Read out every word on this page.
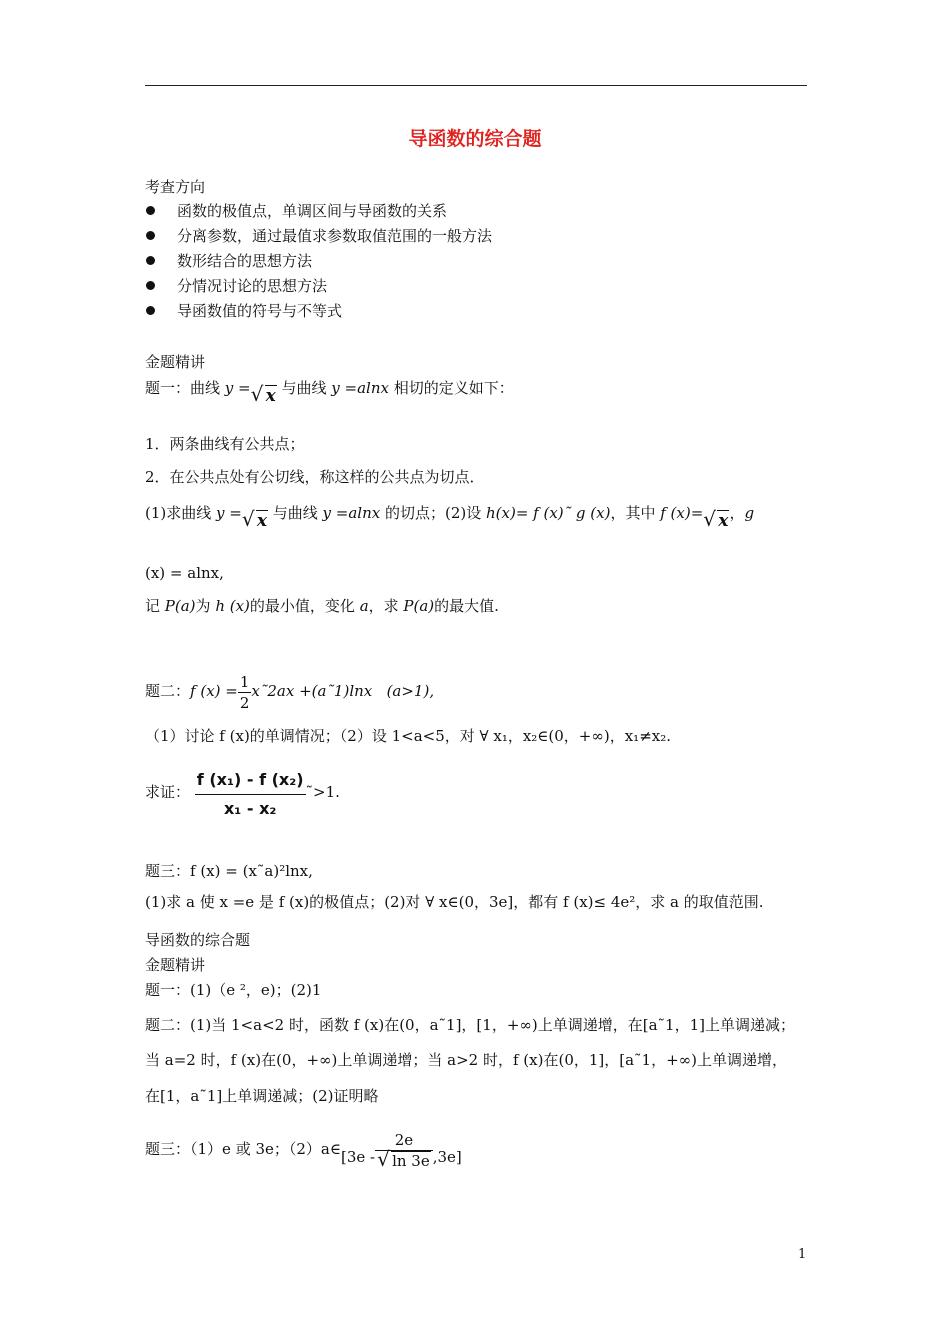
导函数的综合题
考查方向
函数的极值点，单调区间与导函数的关系
分离参数，通过最值求参数取值范围的一般方法
数形结合的思想方法
分情况讨论的思想方法
导函数值的符号与不等式
金题精讲
题一：曲线 y = √ x 与曲线 y =alnx 相切的定义如下：
1．两条曲线有公共点；
2．在公共点处有公切线，称这样的公共点为切点．
(1)求曲线 y = √ x 与曲线 y =alnx 的切点；(2)设 h(x)= f (x)˜ g (x)，其中 f (x)= √ x，g
(x) = alnx,
记 P(a)为 h (x)的最小值，变化 a，求 P(a)的最大值.
题二：f $(x) = \frac{1}{2}$ x˜2ax +(a˜1)lnx (a>1),
（1）讨论 f (x)的单调情况；（2）设 1<a<5，对 ∀ x₁，x₂∈(0，+∞)，x₁≠x₂.
求证： $\frac{\text{f (x₁) - f (x₂)}}{\text{x₁ - x₂}}$ ˜>1.
题三：f (x) = (x˜a)²lnx,
(1)求 a 使 x =e 是 f (x)的极值点；(2)对 ∀ x∈(0，3e]，都有 f (x)≤ 4e²，求 a 的取值范围.
导函数的综合题
金题精讲
题一：(1)（e ²，e)；(2)1
题二：(1)当 1<a<2 时，函数 f (x)在(0，a˜1]，[1，+∞)上单调递增，在[a˜1，1]上单调递减；
当 a=2 时，f (x)在(0，+∞)上单调递增；当 a>2 时，f (x)在(0，1]，[a˜1，+∞)上单调递增，
在[1，a˜1]上单调递减；(2)证明略
题三：（1）e 或 3e；（2）a∈[3e - 2e
√ ln 3e ,3e]
1
